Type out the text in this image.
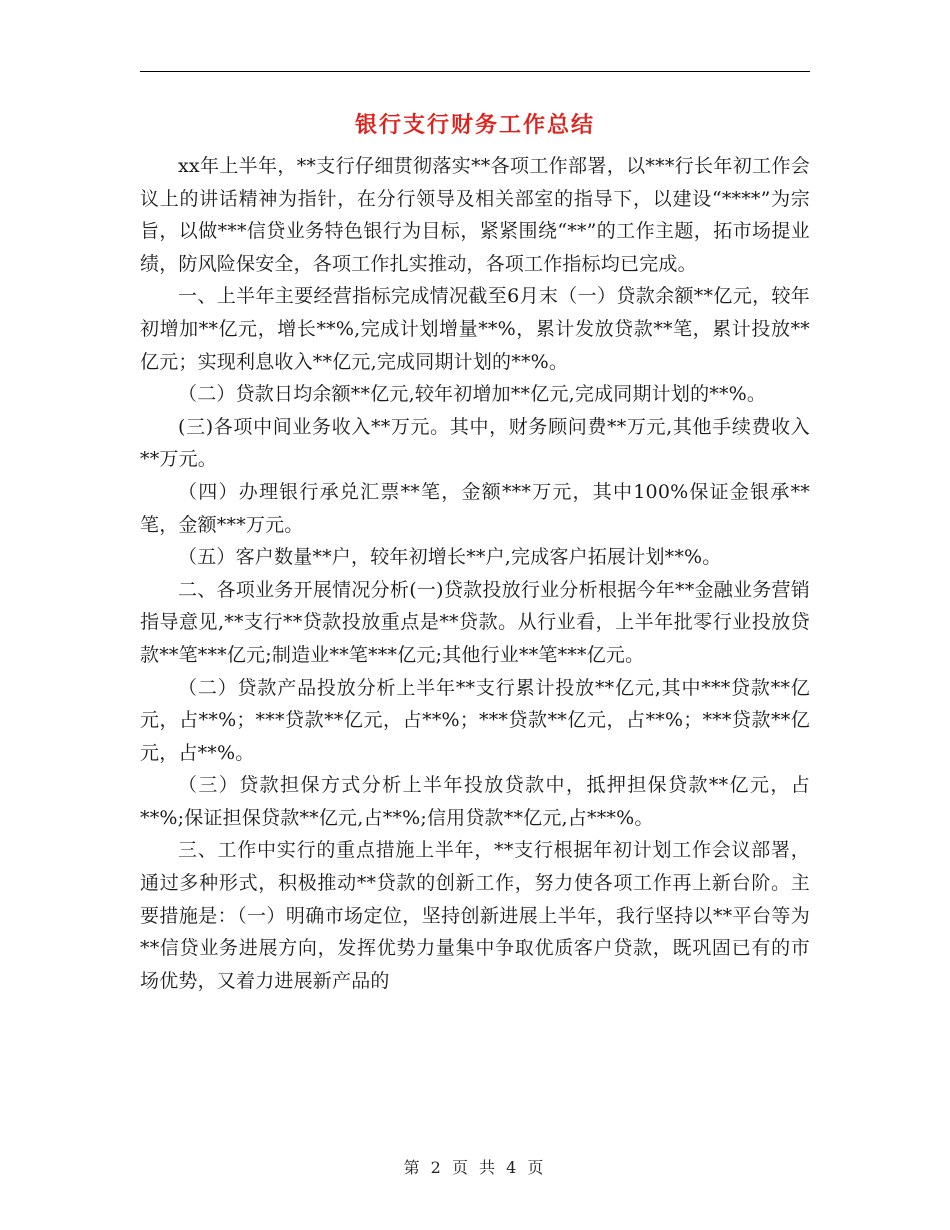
银行支行财务工作总结

xx年上半年，**支行仔细贯彻落实**各项工作部署，以***行长年初工作会议上的讲话精神为指针，在分行领导及相关部室的指导下，以建设“****”为宗旨，以做***信贷业务特色银行为目标，紧紧围绕“**”的工作主题，拓市场提业绩，防风险保安全，各项工作扎实推动，各项工作指标均已完成。

一、上半年主要经营指标完成情况截至6月末（一）贷款余额**亿元，较年初增加**亿元，增长**%,完成计划增量**%，累计发放贷款**笔，累计投放**亿元；实现利息收入**亿元,完成同期计划的**%。

（二）贷款日均余额**亿元,较年初增加**亿元,完成同期计划的**%。

(三)各项中间业务收入**万元。其中，财务顾问费**万元,其他手续费收入**万元。

（四）办理银行承兑汇票**笔，金额***万元，其中100%保证金银承**笔，金额***万元。

（五）客户数量**户，较年初增长**户,完成客户拓展计划**%。

二、各项业务开展情况分析(一)贷款投放行业分析根据今年**金融业务营销指导意见,**支行**贷款投放重点是**贷款。从行业看，上半年批零行业投放贷款**笔***亿元;制造业**笔***亿元;其他行业**笔***亿元。

（二）贷款产品投放分析上半年**支行累计投放**亿元,其中***贷款**亿元，占**%；***贷款**亿元，占**%；***贷款**亿元，占**%；***贷款**亿元，占**%。

（三）贷款担保方式分析上半年投放贷款中，抵押担保贷款**亿元，占**%;保证担保贷款**亿元,占**%;信用贷款**亿元,占***%。

三、工作中实行的重点措施上半年，**支行根据年初计划工作会议部署，通过多种形式，积极推动**贷款的创新工作，努力使各项工作再上新台阶。主要措施是：（一）明确市场定位，坚持创新进展上半年，我行坚持以**平台等为**信贷业务进展方向，发挥优势力量集中争取优质客户贷款，既巩固已有的市场优势，又着力进展新产品的

第 2 页 共 4 页
